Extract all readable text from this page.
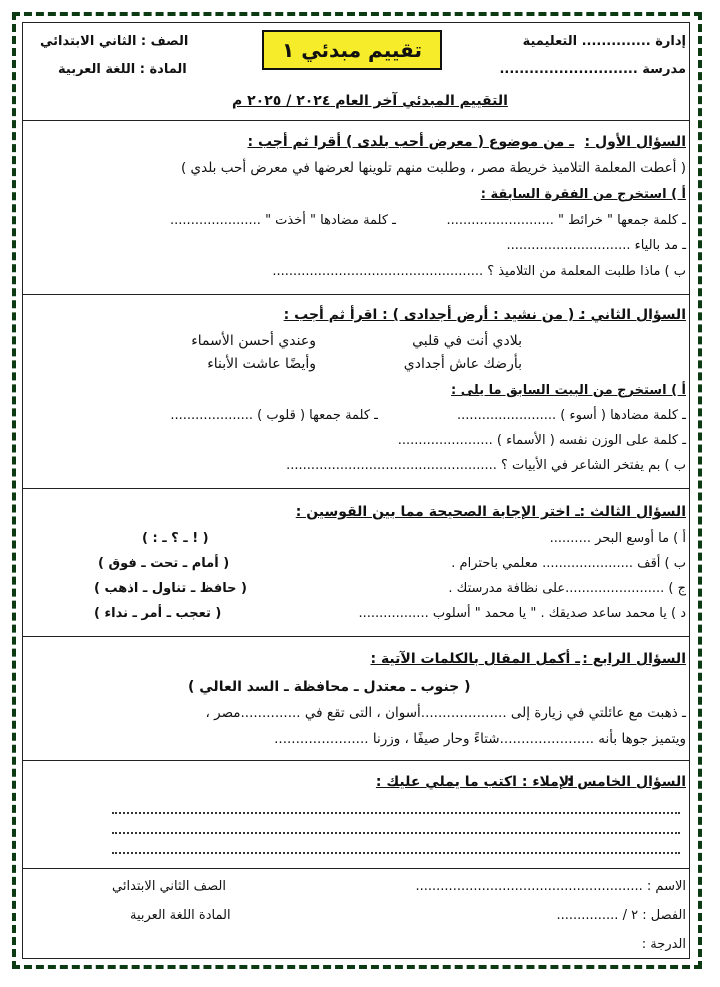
إدارة .............. التعليمية
مدرسة ............................
تقييم مبدئي ١
الصف : الثاني الابتدائي
المادة : اللغة العربية
التقييم المبدئي آخر العام ٢٠٢٤ / ٢٠٢٥ م
السؤال الأول :
ـ من موضوع ( معرض أحب بلدى ) أقرا ثم أجب :
( أعطت المعلمة التلاميذ خريطة مصر ، وطلبت منهم تلوينها لعرضها في معرض أحب بلدي )
أ ) استخرج من الفقرة السابقة :
ـ كلمة جمعها " خرائط " ..........................
ـ كلمة مضادها " أخذت " ......................
ـ مد بالياء ..............................
ب ) ماذا طلبت المعلمة من التلاميذ ؟ ...................................................
السؤال الثاني :
ـ ( من نشيد : أرض أجدادى ) : اقرأ ثم أجب :
بلادي أنت في قلبي
وعندي أحسن الأسماء
بأرضك عاش أجدادي
وأيضًا عاشت الأبناء
أ ) استخرج من البيت السابق ما يلى :
ـ كلمة مضادها ( أسوء ) ........................
ـ كلمة جمعها ( قلوب ) ....................
ـ كلمة على الوزن نفسه ( الأسماء ) .......................
ب ) بم يفتخر الشاعر في الأبيات ؟ ...................................................
السؤال الثالث :
ـ اختر الإجابة الصحيحة مما بين القوسين :
أ ) ما أوسع البحر ..........
( ! ـ ؟ ـ : )
ب ) أقف ...................... معلمي باحترام .
( أمام ـ تحت ـ فوق )
ج ) ........................على نظافة مدرستك .
( حافظ ـ تناول ـ اذهب )
د ) يا محمد ساعد صديقك . " يا محمد " أسلوب .................
( تعجب ـ أمر ـ نداء )
السؤال الرابع :
ـ أكمل المقال بالكلمات الآتية :
( جنوب ـ معتدل ـ محافظة ـ السد العالي )
ـ ذهبت مع عائلتي في زيارة إلى ....................أسوان ، التى تقع في ..............مصر ،
ويتميز جوها بأنه ......................شتاءً وحار صيفًا ، وزرنا ......................
السؤال الخامس :
الإملاء : اكتب ما يملي عليك :
الاسم : .......................................................
الصف الثاني الابتدائي
الفصل : ٢ / ...............
المادة اللغة العربية
الدرجة :
